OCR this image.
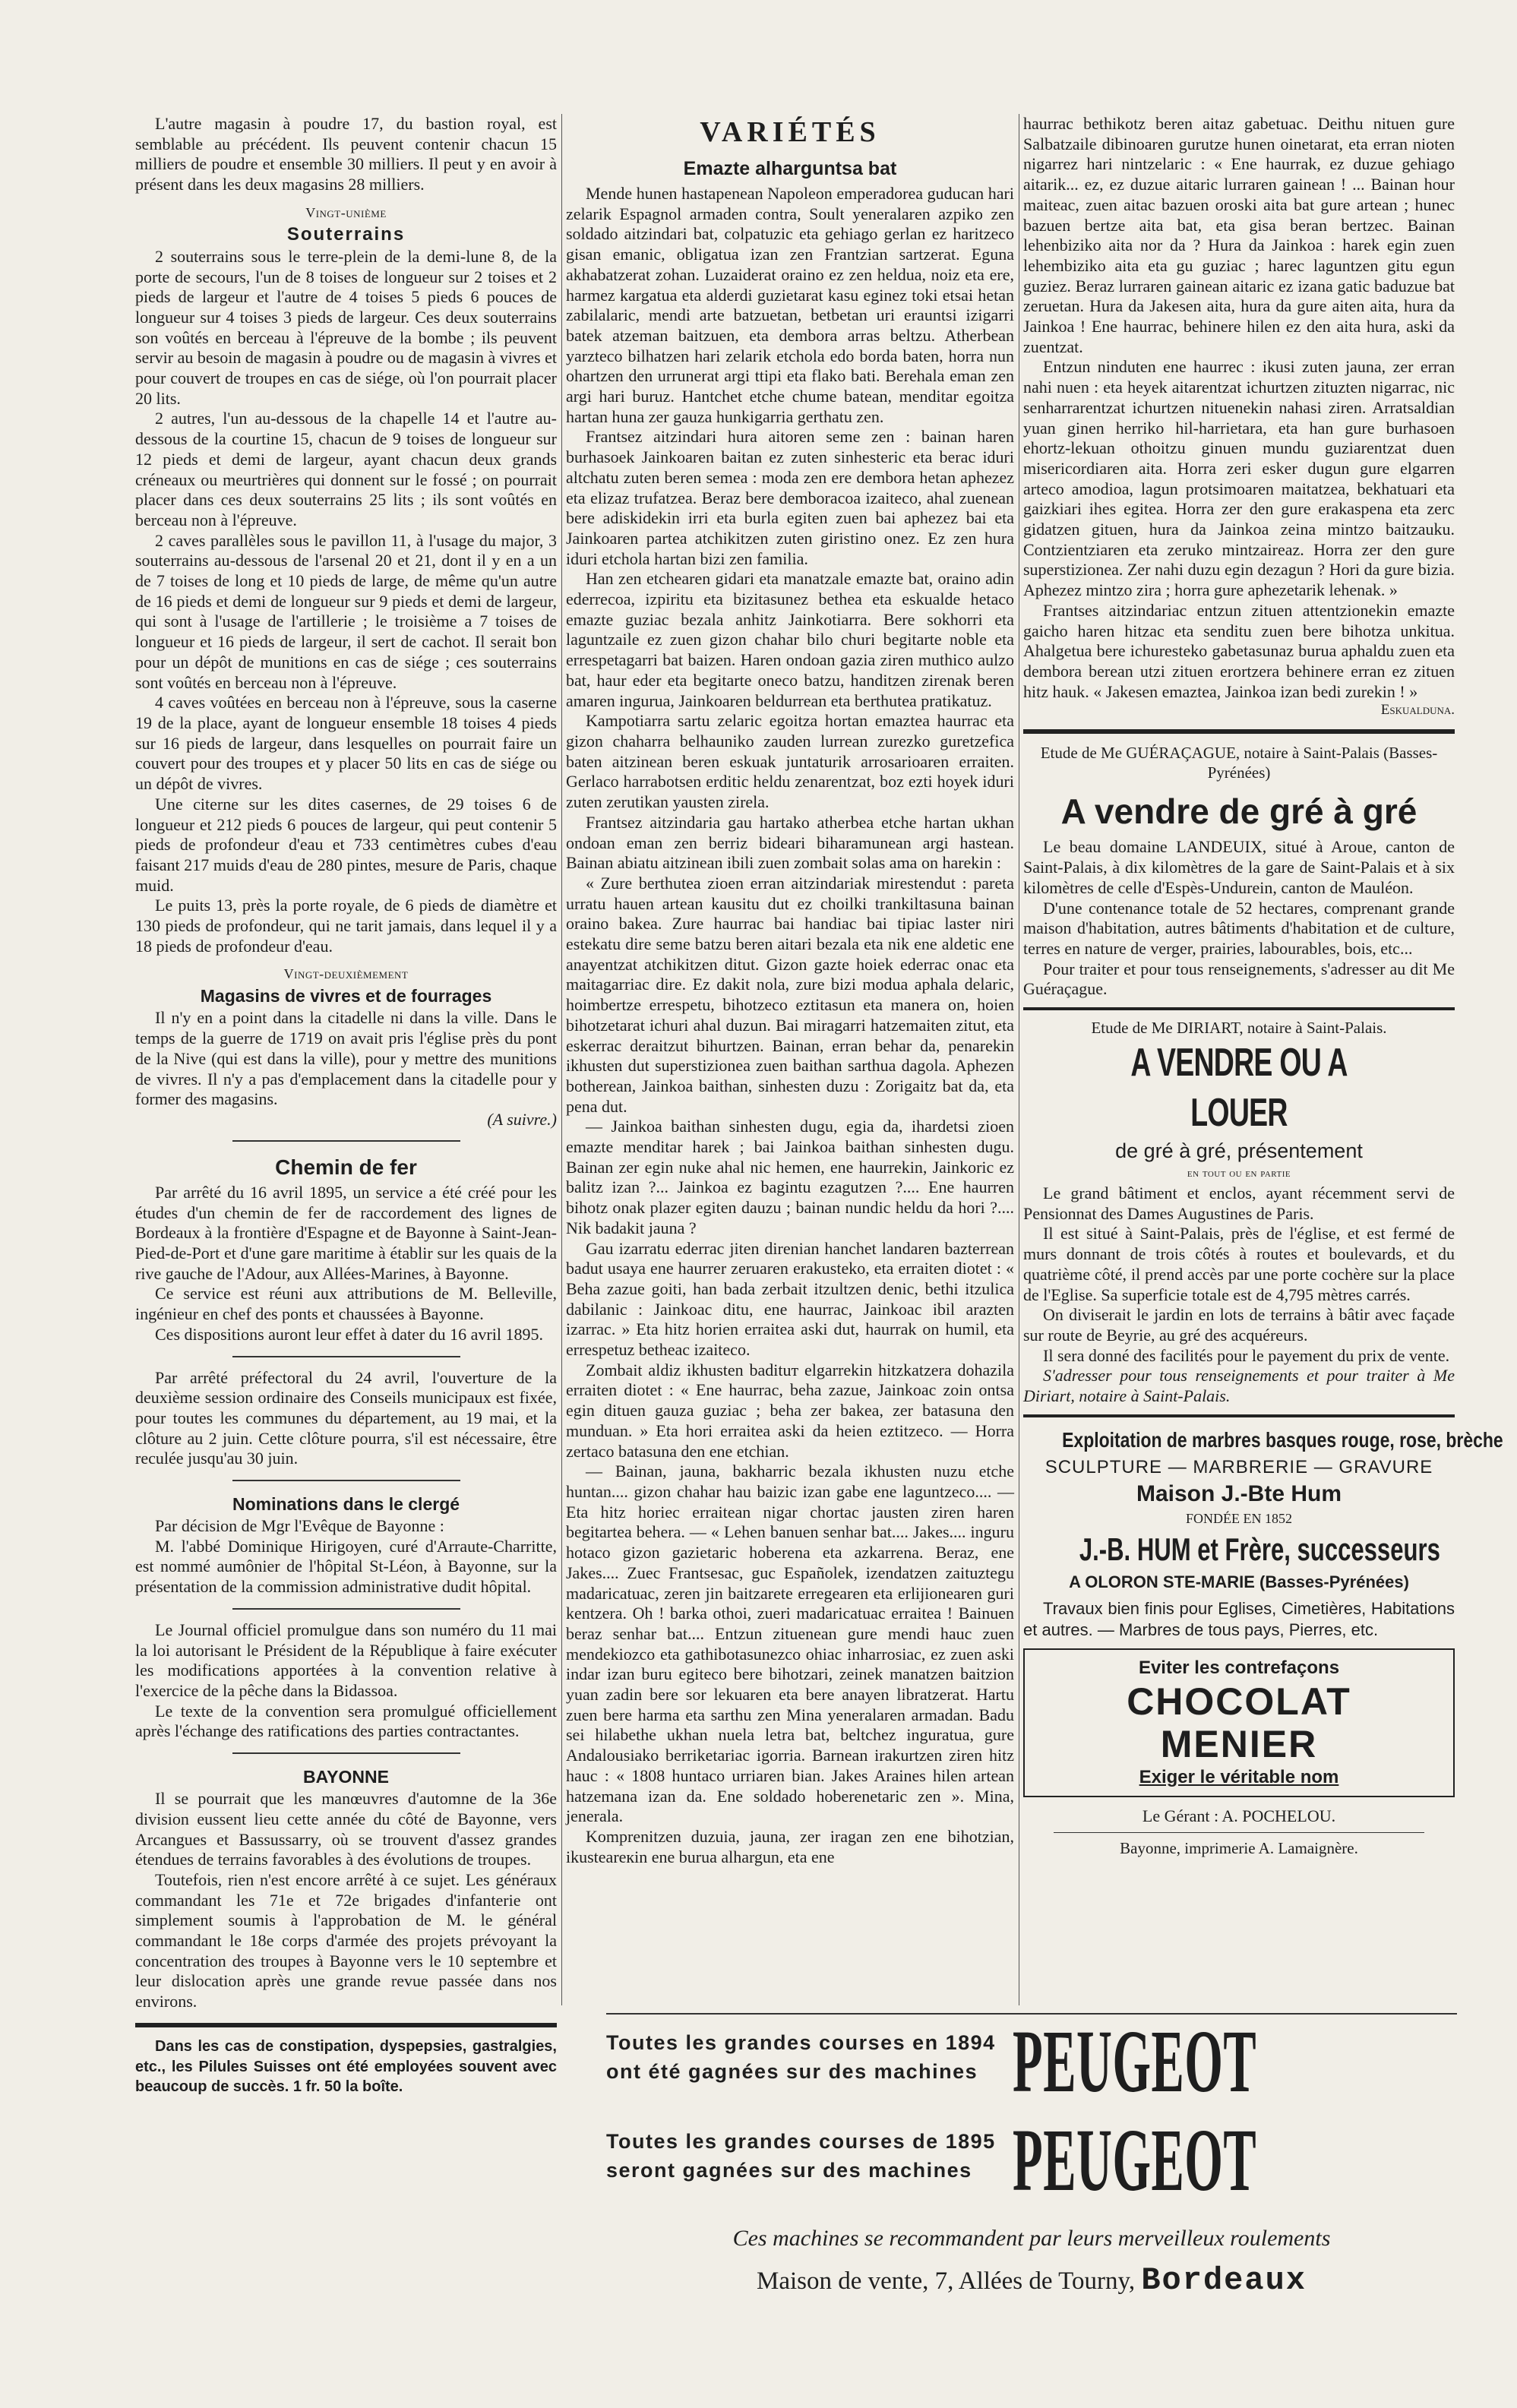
L'autre magasin à poudre 17, du bastion royal, est semblable au précédent. Ils peuvent contenir chacun 15 milliers de poudre et ensemble 30 milliers. Il peut y en avoir à présent dans les deux magasins 28 milliers.

Vingt-unième
Souterrains

2 souterrains sous le terre-plein de la demi-lune 8, de la porte de secours, l'un de 8 toises de longueur sur 2 toises et 2 pieds de largeur et l'autre de 4 toises 5 pieds 6 pouces de longueur sur 4 toises 3 pieds de largeur. Ces deux souterrains son voûtés en berceau à l'épreuve de la bombe ; ils peuvent servir au besoin de magasin à poudre ou de magasin à vivres et pour couvert de troupes en cas de siége, où l'on pourrait placer 20 lits.

2 autres, l'un au-dessous de la chapelle 14 et l'autre au-dessous de la courtine 15, chacun de 9 toises de longueur sur 12 pieds et demi de largeur, ayant chacun deux grands créneaux ou meurtrières qui donnent sur le fossé ; on pourrait placer dans ces deux souterrains 25 lits ; ils sont voûtés en berceau non à l'épreuve.

2 caves parallèles sous le pavillon 11, à l'usage du major, 3 souterrains au-dessous de l'arsenal 20 et 21, dont il y en a un de 7 toises de long et 10 pieds de large, de même qu'un autre de 16 pieds et demi de longueur sur 9 pieds et demi de largeur, qui sont à l'usage de l'artillerie ; le troisième a 7 toises de longueur et 16 pieds de largeur, il sert de cachot. Il serait bon pour un dépôt de munitions en cas de siége ; ces souterrains sont voûtés en berceau non à l'épreuve.

4 caves voûtées en berceau non à l'épreuve, sous la caserne 19 de la place, ayant de longueur ensemble 18 toises 4 pieds sur 16 pieds de largeur, dans lesquelles on pourrait faire un couvert pour des troupes et y placer 50 lits en cas de siége ou un dépôt de vivres.

Une citerne sur les dites casernes, de 29 toises 6 de longueur et 212 pieds 6 pouces de largeur, qui peut contenir 5 pieds de profondeur d'eau et 733 centimètres cubes d'eau faisant 217 muids d'eau de 280 pintes, mesure de Paris, chaque muid.

Le puits 13, près la porte royale, de 6 pieds de diamètre et 130 pieds de profondeur, qui ne tarit jamais, dans lequel il y a 18 pieds de profondeur d'eau.

Vingt-deuxièmement
Magasins de vivres et de fourrages

Il n'y en a point dans la citadelle ni dans la ville. Dans le temps de la guerre de 1719 on avait pris l'église près du pont de la Nive (qui est dans la ville), pour y mettre des munitions de vivres. Il n'y a pas d'emplacement dans la citadelle pour y former des magasins.

(A suivre.)
Chemin de fer

Par arrêté du 16 avril 1895, un service a été créé pour les études d'un chemin de fer de raccordement des lignes de Bordeaux à la frontière d'Espagne et de Bayonne à Saint-Jean-Pied-de-Port et d'une gare maritime à établir sur les quais de la rive gauche de l'Adour, aux Allées-Marines, à Bayonne.

Ce service est réuni aux attributions de M. Belleville, ingénieur en chef des ponts et chaussées à Bayonne.

Ces dispositions auront leur effet à dater du 16 avril 1895.

Par arrêté préfectoral du 24 avril, l'ouverture de la deuxième session ordinaire des Conseils municipaux est fixée, pour toutes les communes du département, au 19 mai, et la clôture au 2 juin. Cette clôture pourra, s'il est nécessaire, être reculée jusqu'au 30 juin.

Nominations dans le clergé

Par décision de Mgr l'Evêque de Bayonne :

M. l'abbé Dominique Hirigoyen, curé d'Arraute-Charritte, est nommé aumônier de l'hôpital St-Léon, à Bayonne, sur la présentation de la commission administrative dudit hôpital.

Le Journal officiel promulgue dans son numéro du 11 mai la loi autorisant le Président de la République à faire exécuter les modifications apportées à la convention relative à l'exercice de la pêche dans la Bidassoa.

Le texte de la convention sera promulgué officiellement après l'échange des ratifications des parties contractantes.

BAYONNE

Il se pourrait que les manœuvres d'automne de la 36e division eussent lieu cette année du côté de Bayonne, vers Arcangues et Bassussarry, où se trouvent d'assez grandes étendues de terrains favorables à des évolutions de troupes.

Toutefois, rien n'est encore arrêté à ce sujet. Les généraux commandant les 71e et 72e brigades d'infanterie ont simplement soumis à l'approbation de M. le général commandant le 18e corps d'armée des projets prévoyant la concentration des troupes à Bayonne vers le 10 septembre et leur dislocation après une grande revue passée dans nos environs.

Dans les cas de constipation, dyspepsies, gastralgies, etc., les Pilules Suisses ont été employées souvent avec beaucoup de succès. 1 fr. 50 la boîte.

VARIÉTÉS
Emazte alharguntsa bat

Mende hunen hastapenean Napoleon emperadorea guducan hari zelarik Espagnol armaden contra, Soult yeneralaren azpiko zen soldado aitzindari bat, colpatuzic eta gehiago gerlan ez haritzeco gisan emanic, obligatua izan zen Frantzian sartzerat. Eguna akhabatzerat zohan. Luzaiderat oraino ez zen heldua, noiz eta ere, harmez kargatua eta alderdi guzietarat kasu eginez toki etsai hetan zabilalaric, mendi arte batzuetan, betbetan uri erauntsi izigarri batek atzeman baitzuen, eta dembora arras beltzu. Atherbean yarzteco bilhatzen hari zelarik etchola edo borda baten, horra nun ohartzen den urrunerat argi ttipi eta flako bati. Berehala eman zen argi hari buruz. Hantchet etche chume batean, menditar egoitza hartan huna zer gauza hunkigarria gerthatu zen.

Frantsez aitzindari hura aitoren seme zen : bainan haren burhasoek Jainkoaren baitan ez zuten sinhesteric eta berac iduri altchatu zuten beren semea : moda zen ere dembora hetan aphezez eta elizaz trufatzea. Beraz bere demboracoa izaiteco, ahal zuenean bere adiskidekin irri eta burla egiten zuen bai aphezez bai eta Jainkoaren partea atchikitzen zuten giristino onez. Ez zen hura iduri etchola hartan bizi zen familia.

Han zen etchearen gidari eta manatzale emazte bat, oraino adin ederrecoa, izpiritu eta bizitasunez bethea eta eskualde hetaco emazte guziac bezala anhitz Jainkotiarra. Bere sokhorri eta laguntzaile ez zuen gizon chahar bilo churi begitarte noble eta errespetagarri bat baizen. Haren ondoan gazia ziren muthico aulzo bat, haur eder eta begitarte oneco batzu, handitzen zirenak beren amaren ingurua, Jainkoaren beldurrean eta berthutea pratikatuz.

Kampotiarra sartu zelaric egoitza hortan emaztea haurrac eta gizon chaharra belhauniko zauden lurrean zurezko guretzefica baten aitzinean beren eskuak juntaturik arrosarioaren erraiten. Gerlaco harrabotsen erditic heldu zenarentzat, boz ezti hoyek iduri zuten zerutikan yausten zirela.

Frantsez aitzindaria gau hartako atherbea etche hartan ukhan ondoan eman zen berriz bideari biharamunean argi hastean. Bainan abiatu aitzinean ibili zuen zombait solas ama on harekin :

« Zure berthutea zioen erran aitzindariak mirestendut : pareta urratu hauen artean kausitu dut ez choilki trankiltasuna bainan oraino bakea. Zure haurrac bai handiac bai tipiac laster niri estekatu dire seme batzu beren aitari bezala eta nik ene aldetic ene anayentzat atchikitzen ditut. Gizon gazte hoiek ederrac onac eta maitagarriac dire. Ez dakit nola, zure bizi modua aphala delaric, hoimbertze errespetu, bihotzeco eztitasun eta manera on, hoien bihotzetarat ichuri ahal duzun. Bai miragarri hatzemaiten zitut, eta eskerrac deraitzut bihurtzen. Bainan, erran behar da, penarekin ikhusten dut superstizionea zuen baithan sarthua dagola. Aphezen botherean, Jainkoa baithan, sinhesten duzu : Zorigaitz bat da, eta pena dut.

— Jainkoa baithan sinhesten dugu, egia da, ihardetsi zioen emazte menditar harek ; bai Jainkoa baithan sinhesten dugu. Bainan zer egin nuke ahal nic hemen, ene haurrekin, Jainkoric ez balitz izan ?... Jainkoa ez bagintu ezagutzen ?.... Ene haurren bihotz onak plazer egiten dauzu ; bainan nundic heldu da hori ?.... Nik badakit jauna ?

Gau izarratu ederrac jiten direnian hanchet landaren bazterrean badut usaya ene haurrer zeruaren erakustekо, eta erraiten diotet : « Beha zazue goiti, han bada zerbait itzultzen denic, bethi itzulica dabilanic : Jainkoac ditu, ene haurrac, Jainkoac ibil arazten izarrac. » Eta hitz horien erraitea aski dut, haurrak on humil, eta errespetuz betheac izaiteco.

Zombait aldiz ikhusten badituт elgarrekin hitzkatzera dohazila erraiten diotet : « Ene haurrac, beha zazue, Jainkoac zoin ontsa egin dituen gauza guziac ; beha zer bakea, zer batasuna den munduan. » Eta hori erraitea aski da heien eztitzeco. — Horra zertaco batasuna den ene etchian.

— Bainan, jauna, bakharric bezala ikhusten nuzu etche huntan.... gizon chahar hau baizic izan gabe ene laguntzeco.... — Eta hitz horiec erraitean nigar chortac jausten ziren haren begitartea behera. — « Lehen banuen senhar bat.... Jakes.... inguru hotaco gizon gazietaric hoberena eta azkarrena. Beraz, ene Jakes.... Zuec Frantsesac, guc Españolek, izendatzen zaituztegu madaricatuac, zeren jin baitzarete erregearen eta erlijionearen guri kentzera. Oh ! barka othoi, zueri madaricatuac erraitea ! Bainuen beraz senhar bat.... Entzun zituenean gure mendi hauc zuen mendekiozco eta gathibotasunezco ohiaс inharrosiac, ez zuen aski indar izan buru egiteco bere bihotzari, zeinek manatzen baitzion yuan zadin bere sor lekuaren eta bere anayen libratzerat. Hartu zuen bere harma eta sarthu zen Mina yeneralaren armadan. Badu sei hilabethe ukhan nuela letra bat, beltchez inguratua, gure Andalousiako berriketariac igorria. Barnean irakurtzen ziren hitz hauc : « 1808 huntaco urriaren bian. Jakes Araines hilen artean hatzemana izan da. Ene soldado hoberenetaric zen ». Mina, jenerala.

Komprenitzen duzuia, jauna, zer iragan zen ene bihotzian, ikusteareкin ene burua alhargun, eta ene

haurrac bethikotz beren aitaz gabetuac. Deithu nituen gure Salbatzaile dibinoaren gurutze hunen oinetarat, eta erran nioten nigarrez hari nintzelaric : « Ene haurrak, ez duzue gehiago aitarik... ez, ez duzue aitaric lurraren gainean ! ... Bainan hour maiteac, zuen aitac bazuen oroski aita bat gure artean ; hunec bazuen bertze aita bat, eta gisa beran bertzec. Bainan lehenbiziko aita nor da ? Hura da Jainkoa : harek egin zuen lehembiziko aita eta gu guziac ; harec laguntzen gitu egun guziez. Beraz lurraren gainean aitaric ez izana gatic baduzue bat zeruetan. Hura da Jakesen aita, hura da gure aiten aita, hura da Jainkoa ! Ene haurrac, behinere hilen ez den aita hura, aski da zuentzat.

Entzun ninduten ene haurrec : ikusi zuten jauna, zer erran nahi nuen : eta heyek aitarentzat ichurtzen zituzten nigarrac, nic senharrarentzat ichurtzen nituenekin nahasi ziren. Arratsaldian yuan ginen herriko hil-harrietara, eta han gure burhasoen ehortz-lekuan othoitzu ginuen mundu guziarentzat duen misericordiaren aita. Horra zeri esker dugun gure elgarren arteco amodioa, lagun protsimoaren maitatzea, bekhatuari eta gaizkiari ihes egitea. Horra zer den gure erakaspena eta zerc gidatzen gituen, hura da Jainkoa zeina mintzo baitzauku. Contzientziaren eta zeruko mintzaireaz. Horra zer den gure superstizionea. Zer nahi duzu egin dezagun ? Hori da gure bizia. Aphezez mintzo zira ; horra gure aphezetarik lehenak. »

Frantses aitzindariac entzun zituen attentzionekin emazte gaicho haren hitzac eta senditu zuen bere bihotza unkitua. Ahalgetua bere ichuresteko gabetasunaz burua aphaldu zuen eta dembora berean utzi zituen erortzera behinere erran ez zituen hitz hauk. « Jakesen emaztea, Jainkoa izan bedi zurekin ! »

Eskualduna.
Etude de Me GUÉRAÇAGUE, notaire à Saint-Palais (Basses-Pyrénées)
A vendre de gré à gré

Le beau domaine LANDEUIX, situé à Aroue, canton de Saint-Palais, à dix kilomètres de la gare de Saint-Palais et à six kilomètres de celle d'Espès-Undurein, canton de Mauléon.

D'une contenance totale de 52 hectares, comprenant grande maison d'habitation, autres bâtiments d'habitation et de culture, terres en nature de verger, prairies, labourables, bois, etc...

Pour traiter et pour tous renseignements, s'adresser au dit Me Guéraçague.

Etude de Me DIRIART, notaire à Saint-Palais.
A VENDRE OU A LOUER
de gré à gré, présentement
en tout ou en partie

Le grand bâtiment et enclos, ayant récemment servi de Pensionnat des Dames Augustines de Paris.

Il est situé à Saint-Palais, près de l'église, et est fermé de murs donnant de trois côtés à routes et boulevards, et du quatrième côté, il prend accès par une porte cochère sur la place de l'Eglise. Sa superficie totale est de 4,795 mètres carrés.

On diviserait le jardin en lots de terrains à bâtir avec façade sur route de Beyrie, au gré des acquéreurs.

Il sera donné des facilités pour le payement du prix de vente.

S'adresser pour tous renseignements et pour traiter à Me Diriart, notaire à Saint-Palais.

Exploitation de marbres basques rouge, rose, brèche
SCULPTURE — MARBRERIE — GRAVURE
Maison J.-Bte Hum
FONDÉE EN 1852
J.-B. HUM et Frère, successeurs
A OLORON STE-MARIE (Basses-Pyrénées)

Travaux bien finis pour Eglises, Cimetières, Habitations et autres. — Marbres de tous pays, Pierres, etc.

Eviter les contrefaçons
CHOCOLAT
MENIER
Exiger le véritable nom
Le Gérant : A. POCHELOU.
Bayonne, imprimerie A. Lamaignère.
Toutes les grandes courses en 1894 ont été gagnées sur des machines PEUGEOT
Toutes les grandes courses de 1895 seront gagnées sur des machines PEUGEOT
Ces machines se recommandent par leurs merveilleux roulements
Maison de vente, 7, Allées de Tourny, Bordeaux
